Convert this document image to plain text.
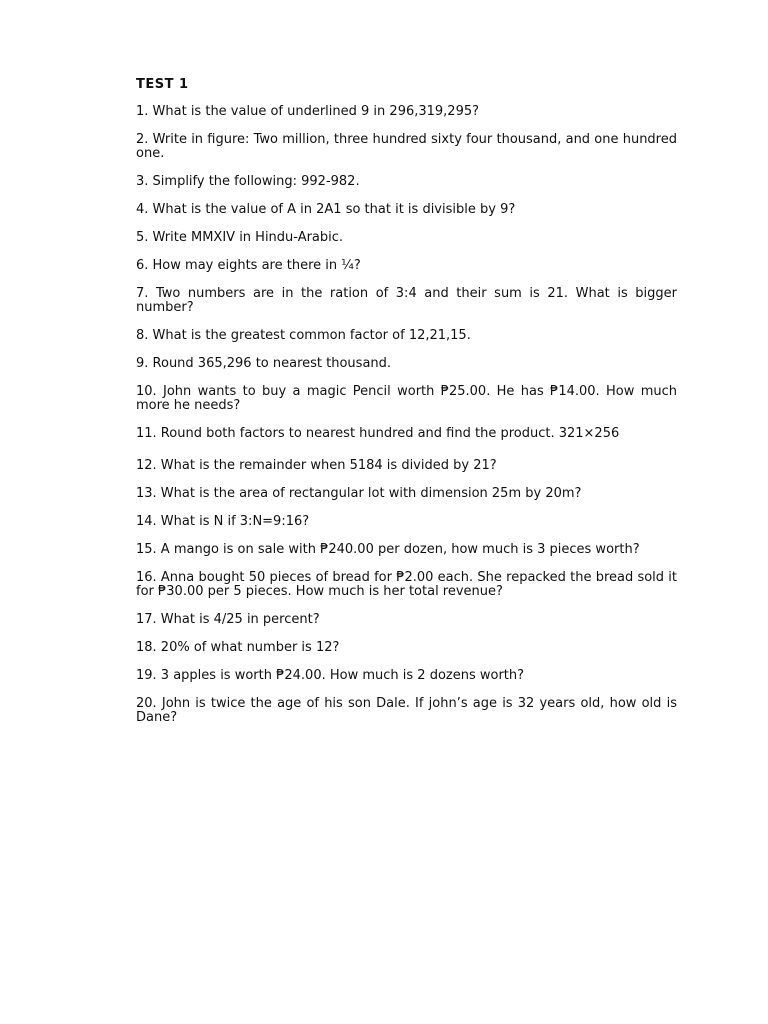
TEST 1

1. What is the value of underlined 9 in 296,319,295?

2. Write in figure: Two million, three hundred sixty four thousand, and one hundred one.

3. Simplify the following: 992-982.

4. What is the value of A in 2A1 so that it is divisible by 9?

5. Write MMXIV in Hindu-Arabic.

6. How may eights are there in ¼?

7. Two numbers are in the ration of 3:4 and their sum is 21. What is bigger number?

8. What is the greatest common factor of 12,21,15.

9. Round 365,296 to nearest thousand.

10. John wants to buy a magic Pencil worth ₱25.00. He has ₱14.00. How much more he needs?

11. Round both factors to nearest hundred and find the product. 321×256

12. What is the remainder when 5184 is divided by 21?

13. What is the area of rectangular lot with dimension 25m by 20m?

14. What is N if 3:N=9:16?

15. A mango is on sale with ₱240.00 per dozen, how much is 3 pieces worth?

16. Anna bought 50 pieces of bread for ₱2.00 each. She repacked the bread sold it for ₱30.00 per 5 pieces. How much is her total revenue?

17. What is 4/25 in percent?

18. 20% of what number is 12?

19. 3 apples is worth ₱24.00. How much is 2 dozens worth?

20. John is twice the age of his son Dale. If john’s age is 32 years old, how old is Dane?
